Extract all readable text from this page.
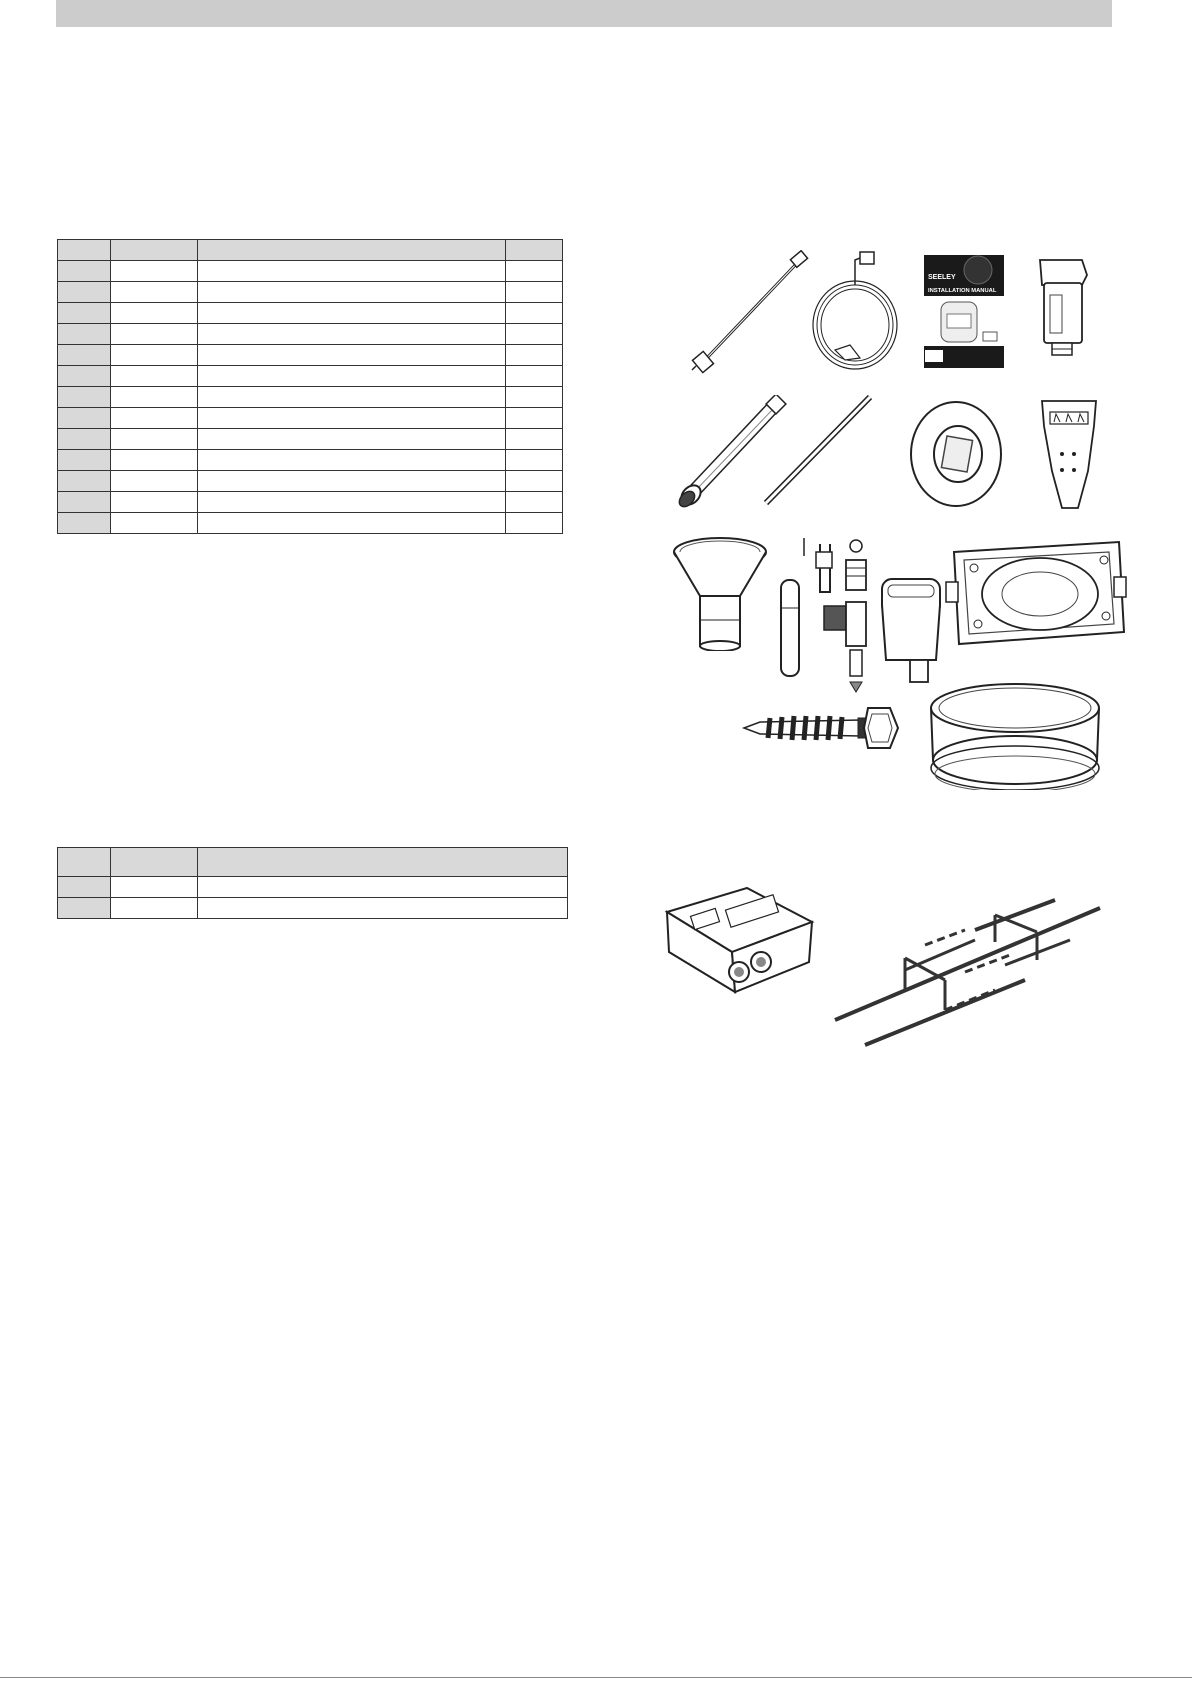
SEELEY
INSTALLATION MANUAL
